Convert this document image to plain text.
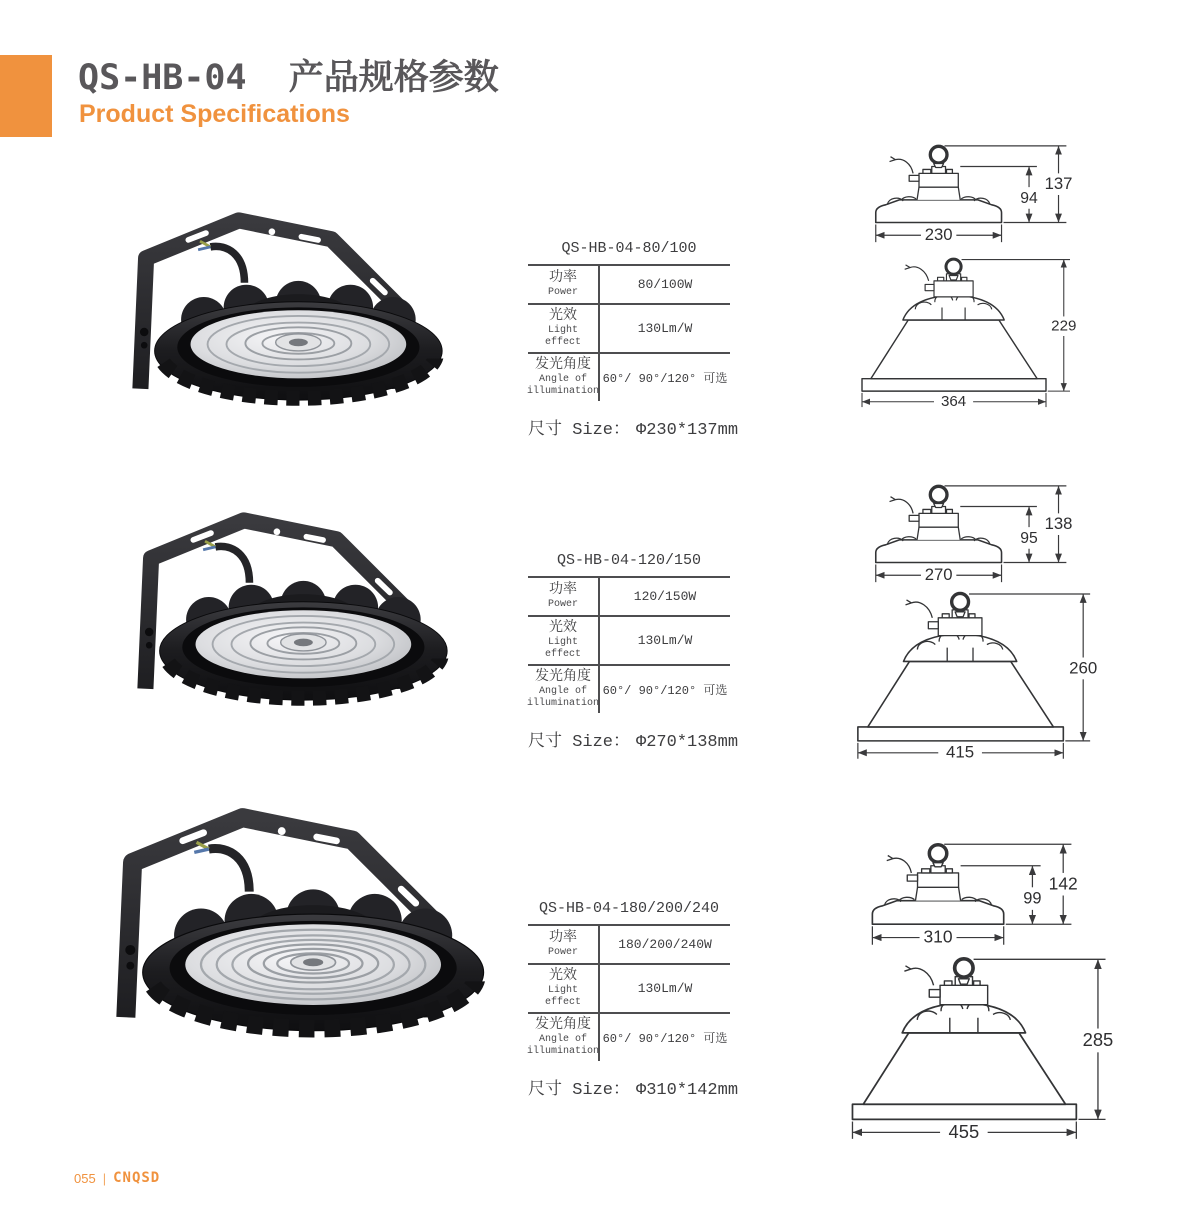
QS-HB-04  产品规格参数
Product Specifications
QS-HB-04-80/100
功率
Power
80/100W
光效
Light effect
130Lm/W
发光角度
Angle of
illumination
60°/ 90°/120° 可选
尺寸 Size： Φ230*137mm
230
94
137
364
229
QS-HB-04-120/150
功率
Power
120/150W
光效
Light effect
130Lm/W
发光角度
Angle of
illumination
60°/ 90°/120° 可选
尺寸 Size： Φ270*138mm
270
95
138
415
260
QS-HB-04-180/200/240
功率
Power
180/200/240W
光效
Light effect
130Lm/W
发光角度
Angle of
illumination
60°/ 90°/120° 可选
尺寸 Size： Φ310*142mm
310
99
142
455
285
055 | CNQSD
